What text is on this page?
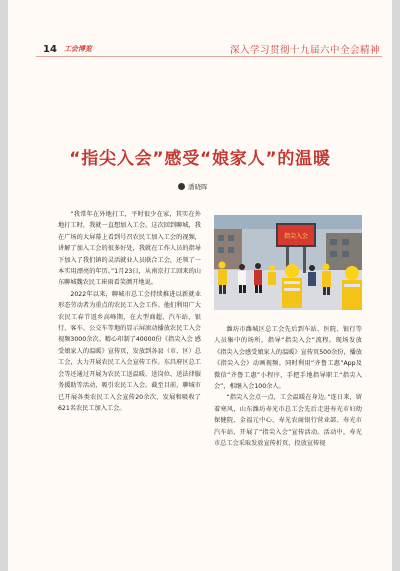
14 工会博览	深入学习贯彻十九届六中全会精神
“指尖入会”感受“娘家人”的温暖
潘晓晖

“我常年在外地打工，平时很少在家，其实在外地打工时，我就一直想加入工会。这次回到聊城，我在广场的大屏幕上看到号召农民工加入工会的视频，讲解了加入工会的很多好处，我就在工作人员的指导下加入了我们镇的灵活就业人员联合工会，还领了一本实用漂亮的年历。”1月23日，从南京打工回来的山东聊城魏农民工崔雨看笑颜开地说。

2022年以来，聊城市总工会持续推进以新就业形态劳动者为重点的农民工入会工作。他们利用广大农民工春节返乡高峰期，在大型商超、汽车站、银行、客车、公交车等地的显示屏滚动播放农民工入会视频3000余次。精心印制了40000份《指尖入会 感受娘家人的温暖》宣传页，发放到各县（市、区）总工会，大力开展农民工入会宣传工作。东昌府区总工会等还通过开展为农民工送温暖、送岗位、送法律服务援助等活动，吸引农民工入会。截至目前，聊城市已开展各类农民工入会宣传20余次，发展和吸收了621名农民工加入工会。

指尖入会

潍坊市潍城区总工会先后到车站、医院、银行等人员集中的场所，指导“指尖入会”流程。现场发放《指尖入会感受娘家人的温暖》宣传页500余份，播放《指尖入会》动画视频。同时利用“齐鲁工惠”App及微信“齐鲁工惠”小程序，手把手地指导职工“指尖入会”，相继入会100余人。

“指尖入会点一点，工会温暖在身边。”连日来，留着寒风，山东潍坊寿光市总工会先后走进寿光市妇幼保健院、金福元中心、寿光农商银行营业部、寿光市汽车站，开展了“指尖入会”宣传活动。活动中，寿光市总工会采取发放宣传折页、投放宣传视
